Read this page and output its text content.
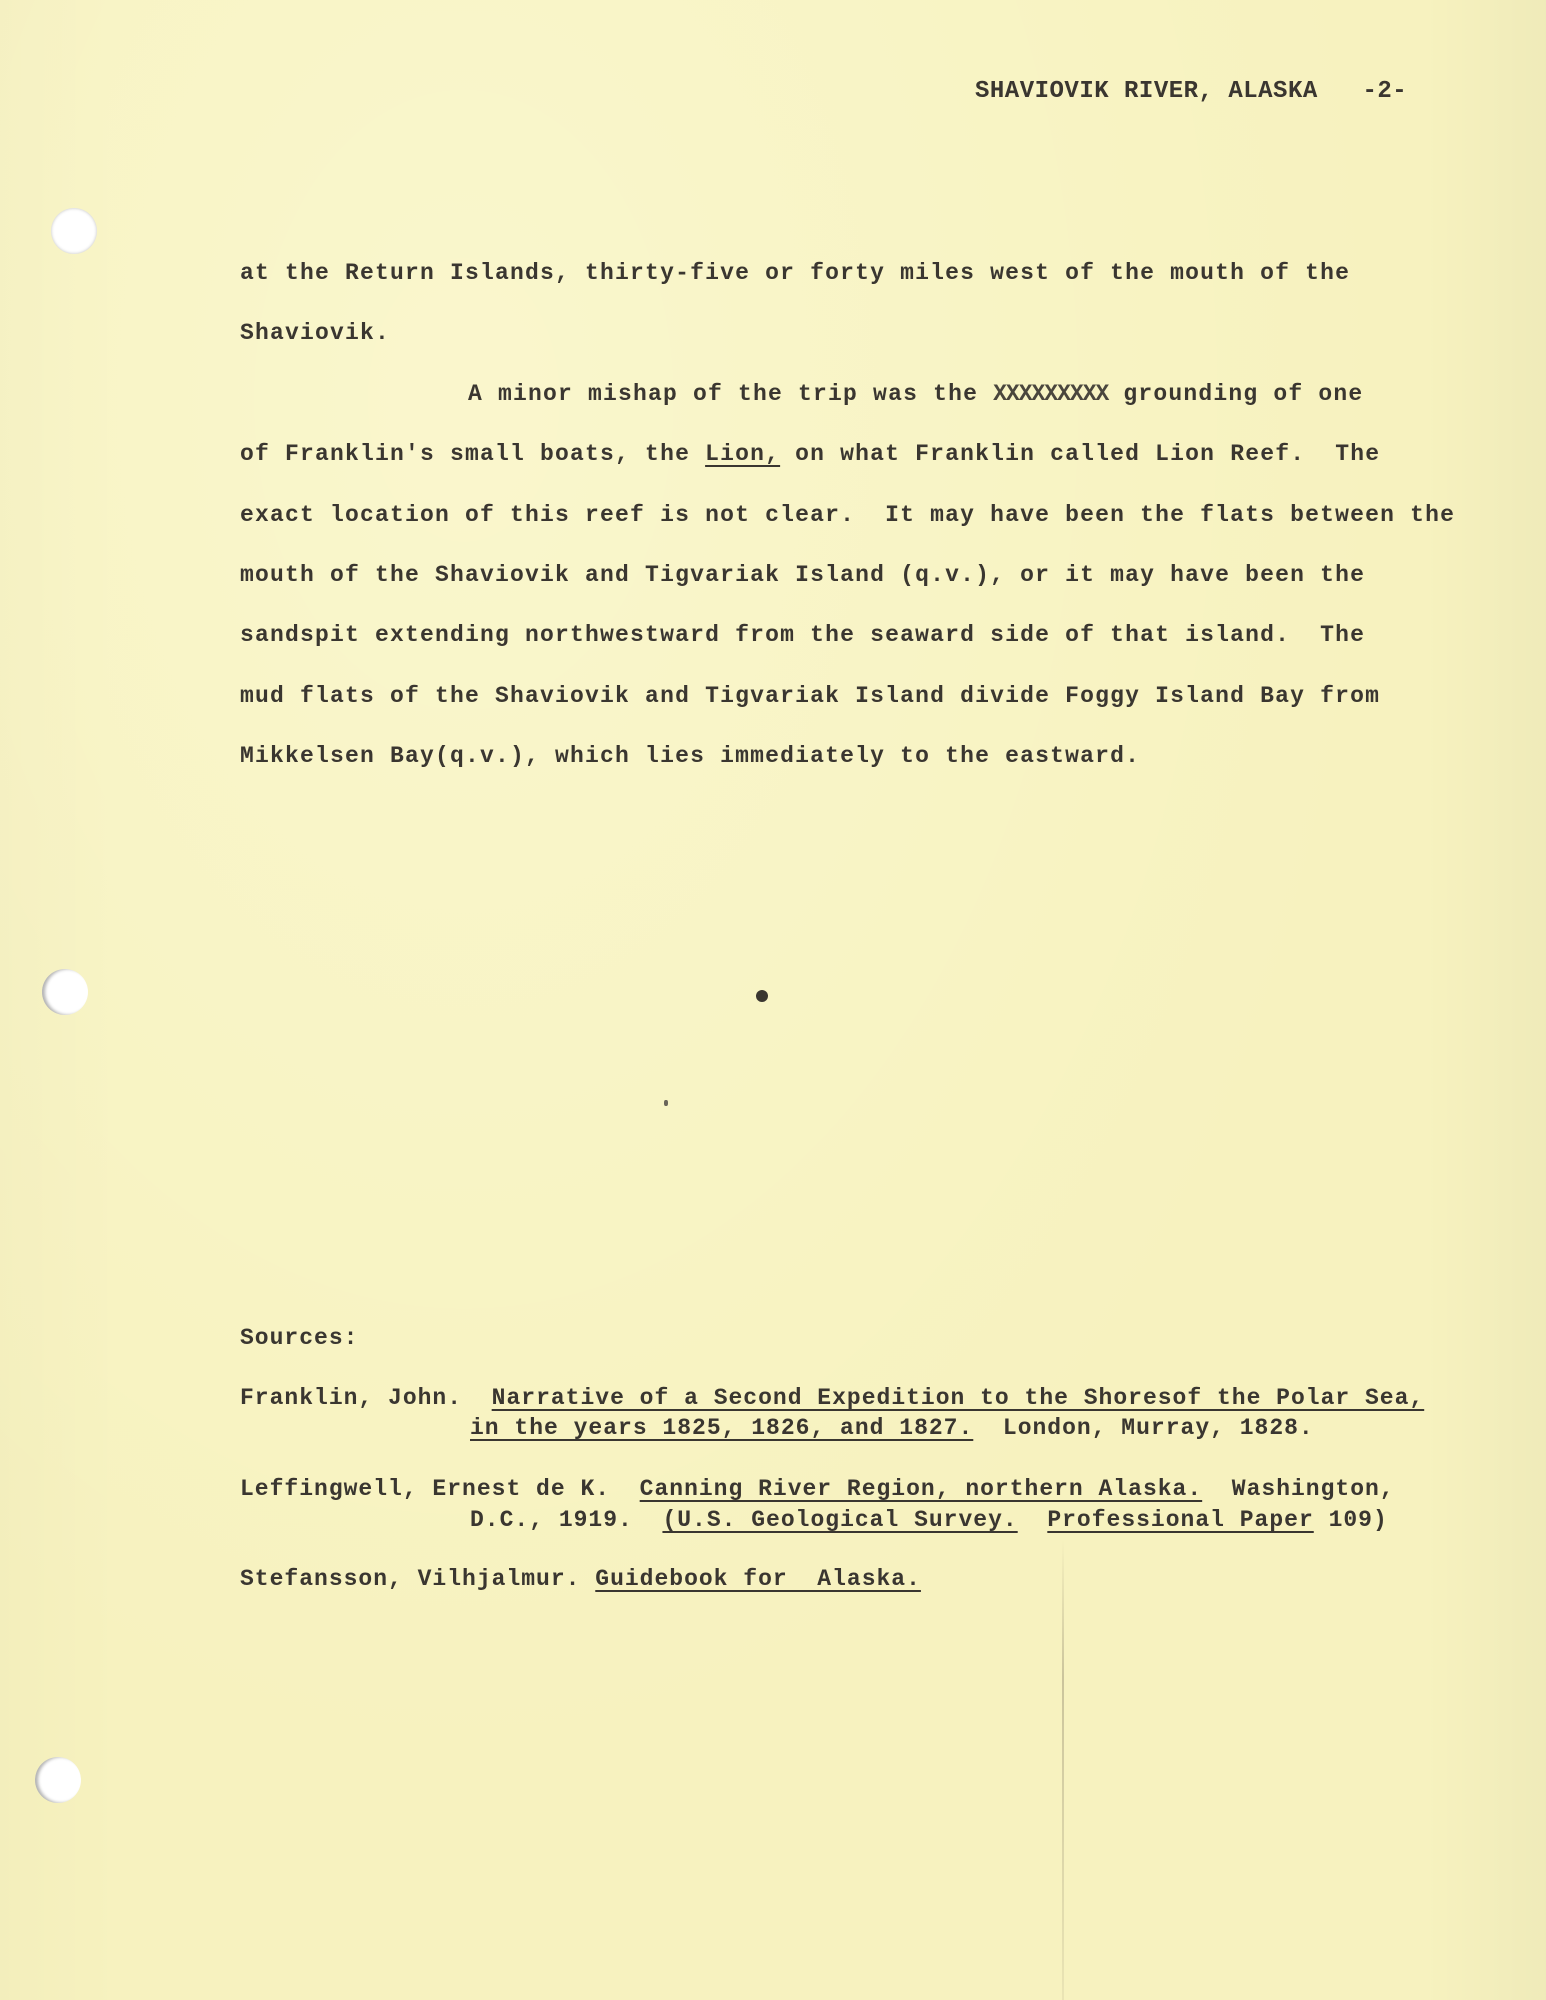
SHAVIOVIK RIVER, ALASKA -2-
at the Return Islands, thirty-five or forty miles west of the mouth of the
Shaviovik.
A minor mishap of the trip was the XXXXXXXXX grounding of one
of Franklin's small boats, the Lion, on what Franklin called Lion Reef.  The
exact location of this reef is not clear.  It may have been the flats between the
mouth of the Shaviovik and Tigvariak Island (q.v.), or it may have been the
sandspit extending northwestward from the seaward side of that island.  The
mud flats of the Shaviovik and Tigvariak Island divide Foggy Island Bay from
Mikkelsen Bay(q.v.), which lies immediately to the eastward.
Sources:
Franklin, John. Narrative of a Second Expedition to the Shoresof the Polar Sea,
in the years 1825, 1826, and 1827. London, Murray, 1828.
Leffingwell, Ernest de K. Canning River Region, northern Alaska. Washington,
D.C., 1919. (U.S. Geological Survey. Professional Paper 109)
Stefansson, Vilhjalmur. Guidebook for  Alaska.
